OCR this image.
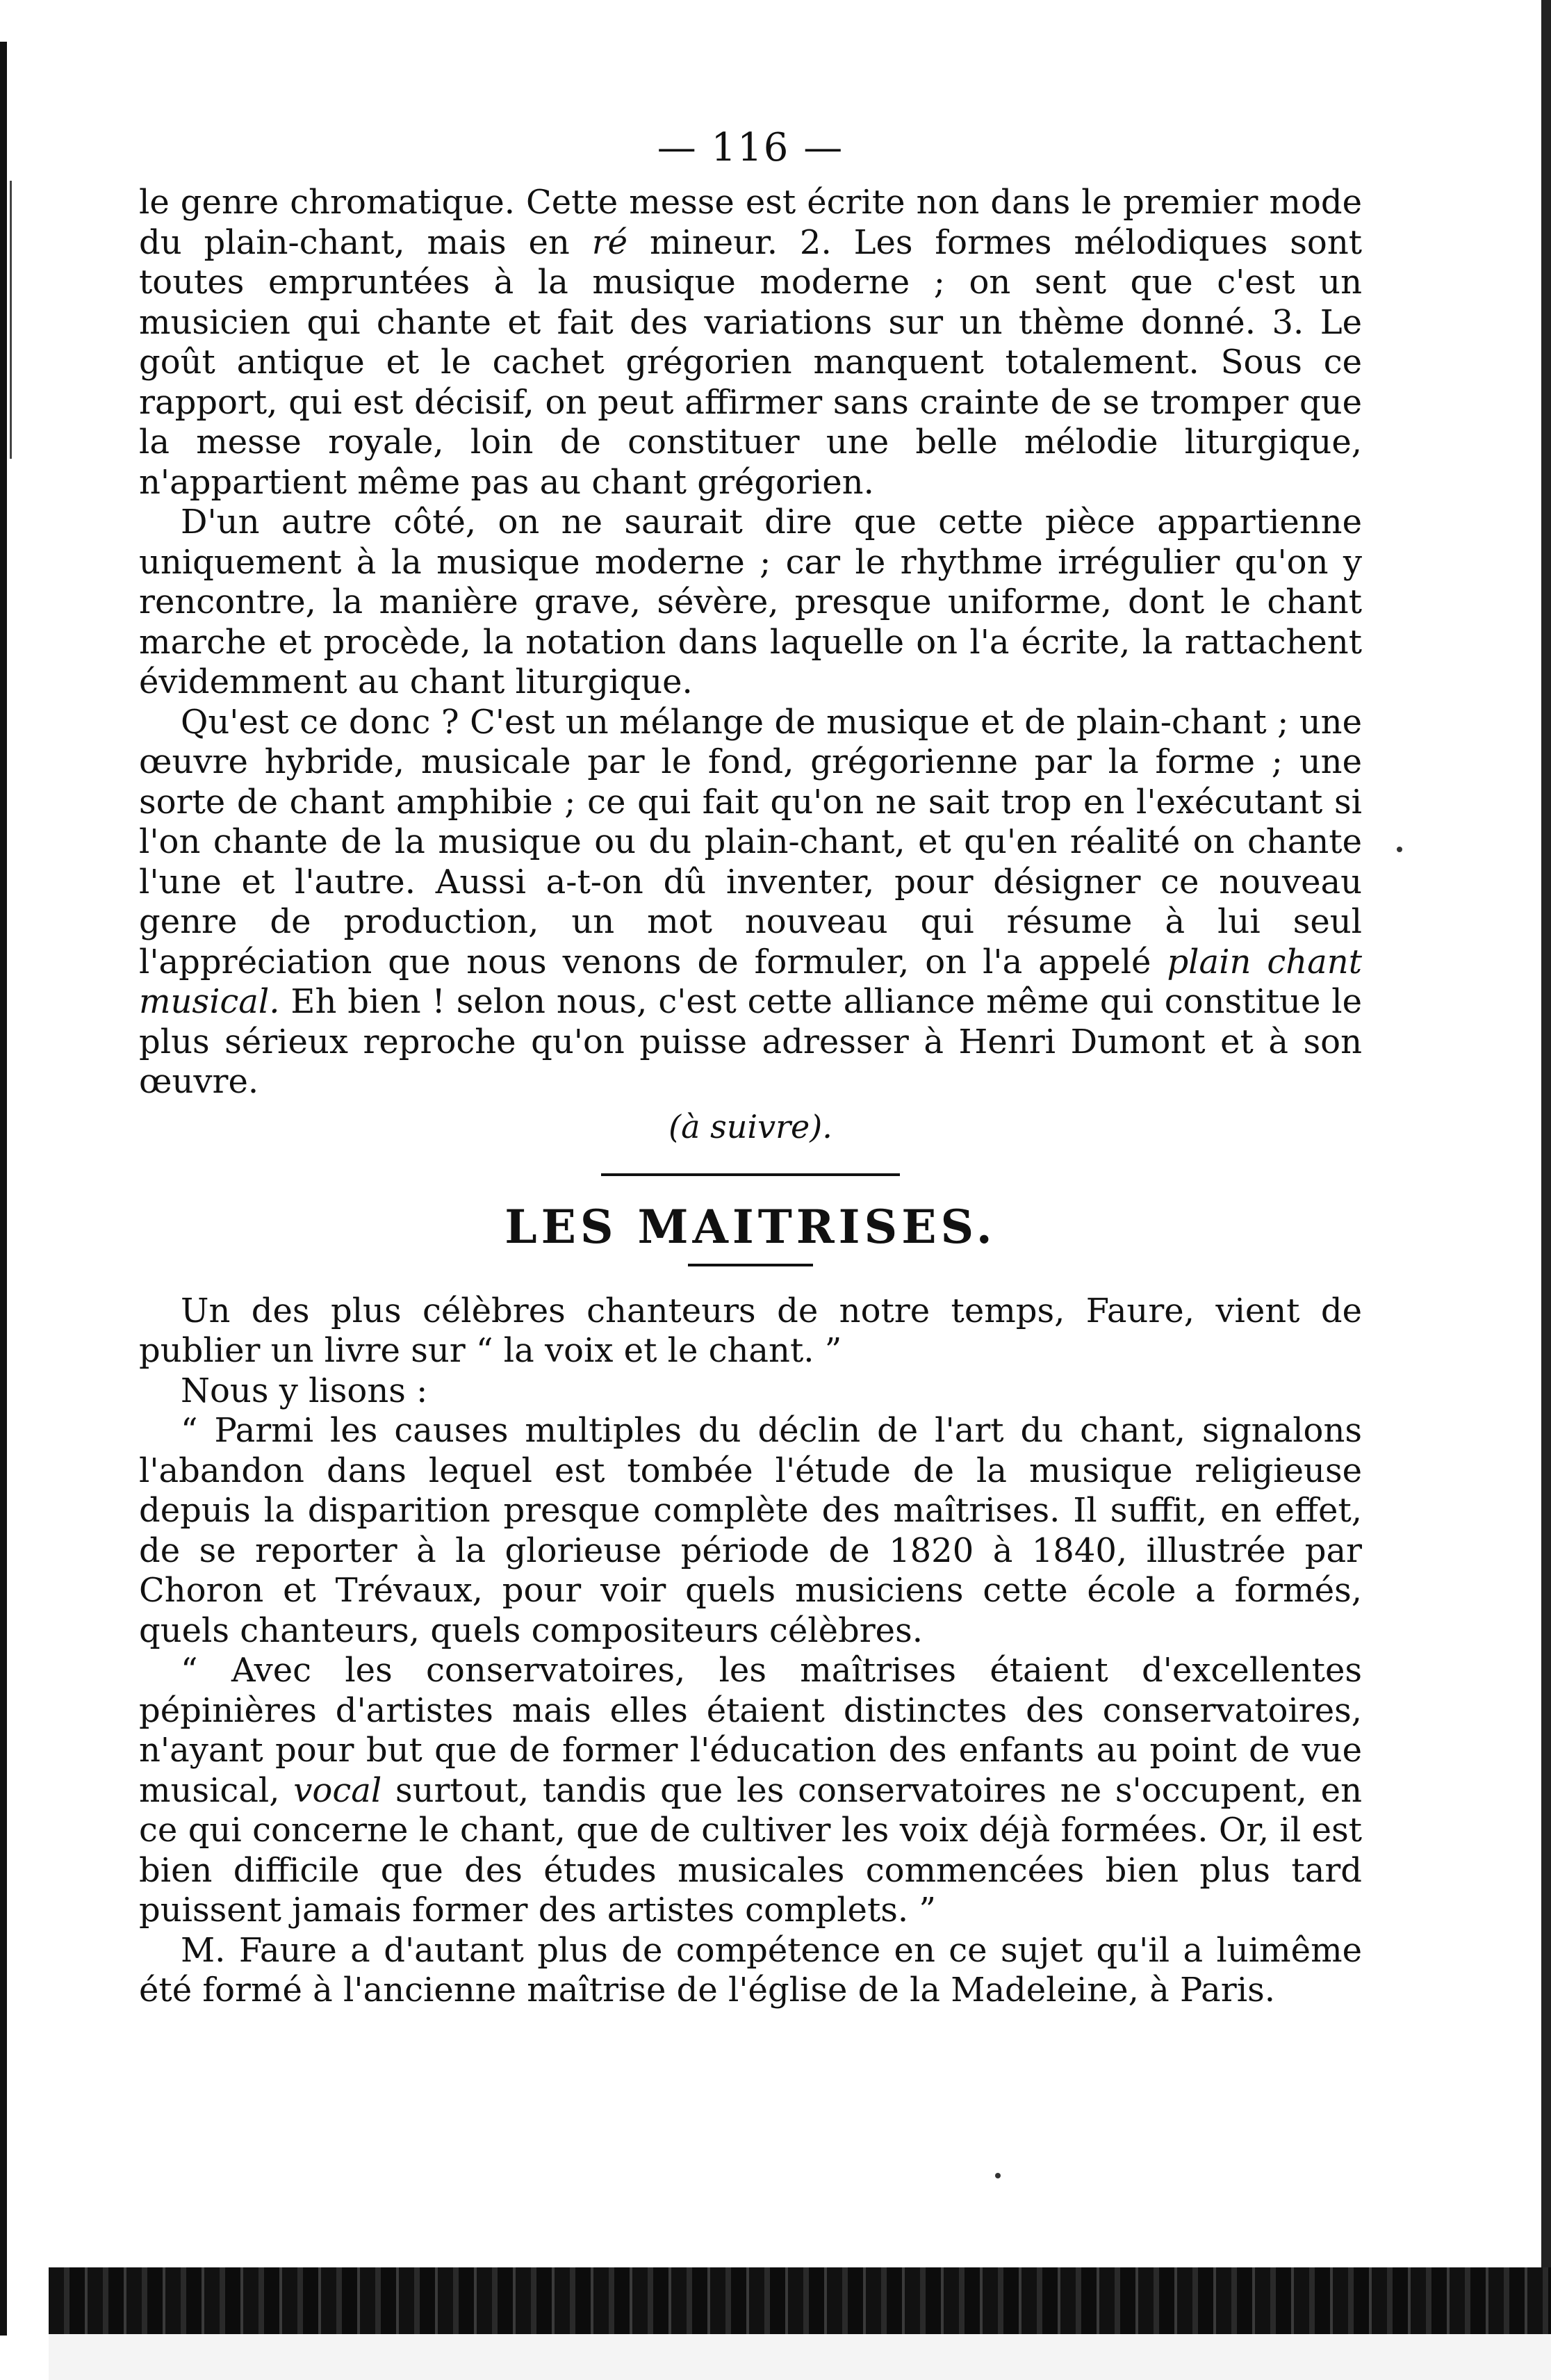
— 116 —

le genre chromatique. Cette messe est écrite non dans le premier mode du plain-chant, mais en ré mineur. 2. Les formes mélodiques sont toutes empruntées à la musique moderne ; on sent que c'est un musicien qui chante et fait des variations sur un thème donné. 3. Le goût antique et le cachet grégorien manquent totalement. Sous ce rapport, qui est décisif, on peut affirmer sans crainte de se tromper que la messe royale, loin de constituer une belle mélodie liturgique, n'appartient même pas au chant grégorien.

D'un autre côté, on ne saurait dire que cette pièce appartienne uniquement à la musique moderne ; car le rhythme irrégulier qu'on y rencontre, la manière grave, sévère, presque uniforme, dont le chant marche et procède, la notation dans laquelle on l'a écrite, la rattachent évidemment au chant liturgique.

Qu'est ce donc ? C'est un mélange de musique et de plain-chant ; une œuvre hybride, musicale par le fond, grégorienne par la forme ; une sorte de chant amphibie ; ce qui fait qu'on ne sait trop en l'exécutant si l'on chante de la musique ou du plain-chant, et qu'en réalité on chante l'une et l'autre. Aussi a-t-on dû inventer, pour désigner ce nouveau genre de production, un mot nouveau qui résume à lui seul l'appréciation que nous venons de formuler, on l'a appelé plain chant musical. Eh bien ! selon nous, c'est cette alliance même qui constitue le plus sérieux reproche qu'on puisse adresser à Henri Dumont et à son œuvre.

(à suivre).
LES MAITRISES.

Un des plus célèbres chanteurs de notre temps, Faure, vient de publier un livre sur “ la voix et le chant. ”

Nous y lisons :

“ Parmi les causes multiples du déclin de l'art du chant, signalons l'abandon dans lequel est tombée l'étude de la musique religieuse depuis la disparition presque complète des maîtrises. Il suffit, en effet, de se reporter à la glorieuse période de 1820 à 1840, illustrée par Choron et Trévaux, pour voir quels musiciens cette école a formés, quels chanteurs, quels compositeurs célèbres.

“ Avec les conservatoires, les maîtrises étaient d'excellentes pépinières d'artistes mais elles étaient distinctes des conservatoires, n'ayant pour but que de former l'éducation des enfants au point de vue musical, vocal surtout, tandis que les conservatoires ne s'occupent, en ce qui concerne le chant, que de cultiver les voix déjà formées. Or, il est bien difficile que des études musicales commencées bien plus tard puissent jamais former des artistes complets. ”

M. Faure a d'autant plus de compétence en ce sujet qu'il a luimême été formé à l'ancienne maîtrise de l'église de la Madeleine, à Paris.
